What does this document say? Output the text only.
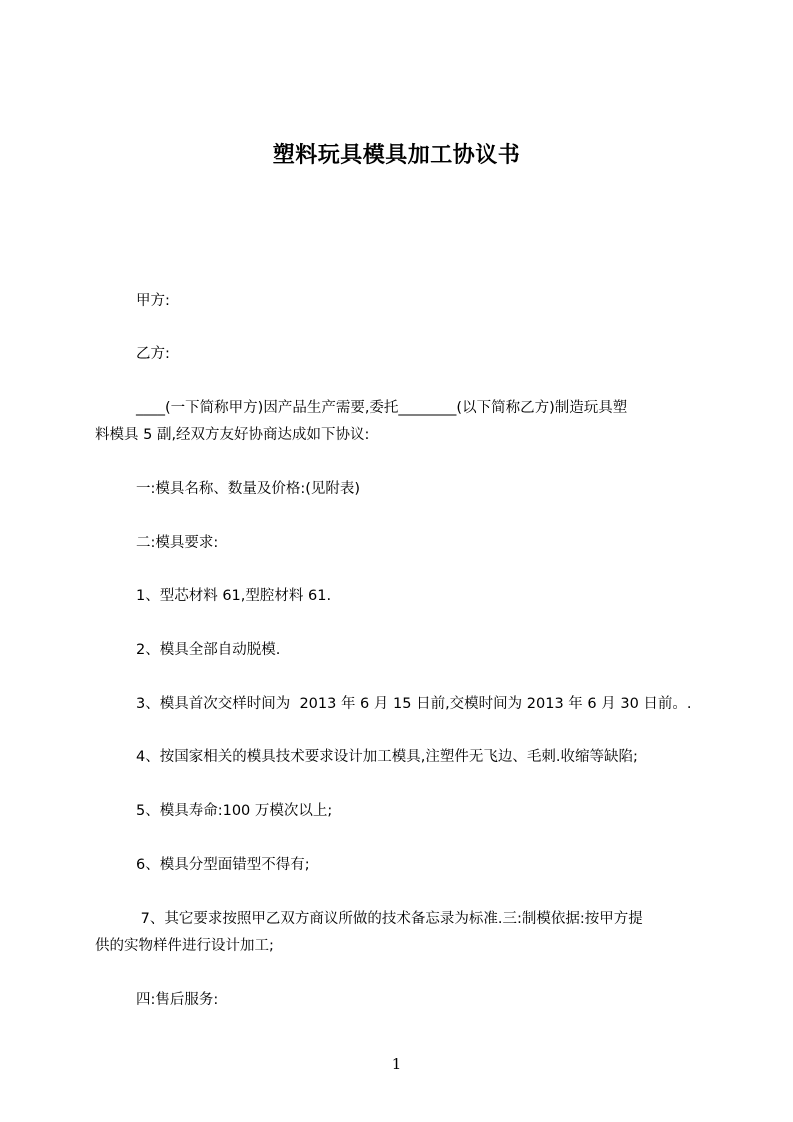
塑料玩具模具加工协议书

甲方:

乙方:

____(一下简称甲方)因产品生产需要,委托________(以下简称乙方)制造玩具塑

料模具 5 副,经双方友好协商达成如下协议:

一:模具名称、数量及价格:(见附表)

二:模具要求:

1、型芯材料 61,型腔材料 61.

2、模具全部自动脱模.

3、模具首次交样时间为  2013 年 6 月 15 日前,交模时间为 2013 年 6 月 30 日前。.

4、按国家相关的模具技术要求设计加工模具,注塑件无飞边、毛刺.收缩等缺陷;

5、模具寿命:100 万模次以上;

6、模具分型面错型不得有;

7、其它要求按照甲乙双方商议所做的技术备忘录为标准.三:制模依据:按甲方提

供的实物样件进行设计加工;

四:售后服务:

1
